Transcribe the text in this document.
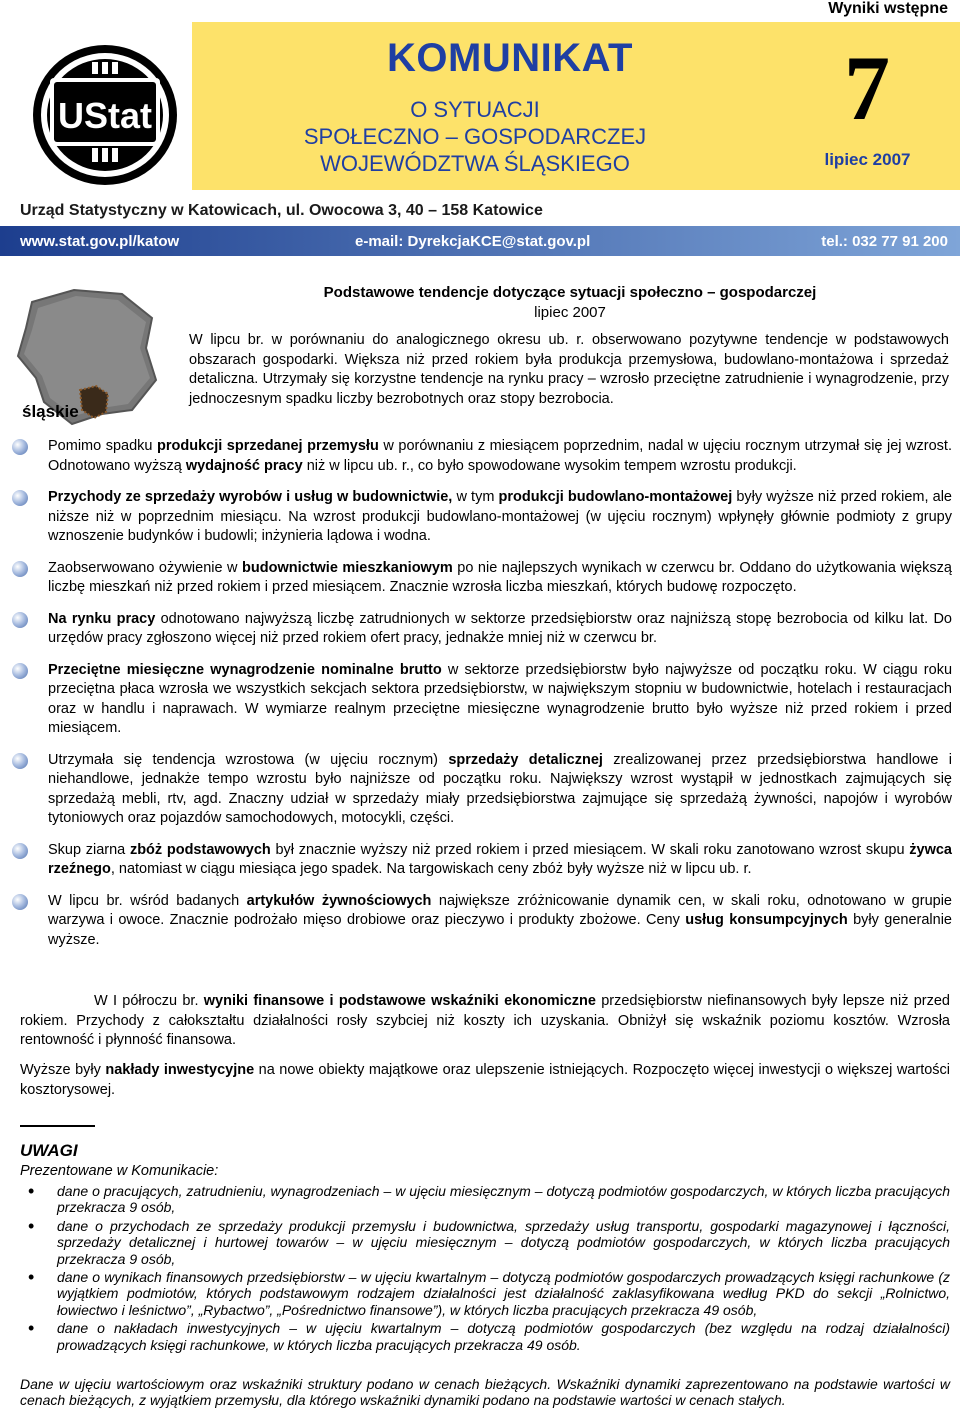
Wyniki wstępne
UStat
KOMUNIKAT
O SYTUACJI
SPOŁECZNO – GOSPODARCZEJ
WOJEWÓDZTWA ŚLĄSKIEGO
7
lipiec 2007
Urząd Statystyczny w Katowicach, ul. Owocowa 3, 40 – 158 Katowice
www.stat.gov.pl/katow	e-mail: DyrekcjaKCE@stat.gov.pl	tel.: 032 77 91 200
śląskie
Podstawowe tendencje dotyczące sytuacji społeczno – gospodarczej
lipiec 2007
W lipcu br. w porównaniu do analogicznego okresu ub. r. obserwowano pozytywne tendencje w podstawowych obszarach gospodarki. Większa niż przed rokiem była produkcja przemysłowa, budowlano-montażowa i sprzedaż detaliczna. Utrzymały się korzystne tendencje na rynku pracy – wzrosło przeciętne zatrudnienie i wynagrodzenie, przy jednoczesnym spadku liczby bezrobotnych oraz stopy bezrobocia.
Pomimo spadku produkcji sprzedanej przemysłu w porównaniu z miesiącem poprzednim, nadal w ujęciu rocznym utrzymał się jej wzrost. Odnotowano wyższą wydajność pracy niż w lipcu ub. r., co było spowodowane wysokim tempem wzrostu produkcji.
Przychody ze sprzedaży wyrobów i usług w budownictwie, w tym produkcji budowlano-montażowej były wyższe niż przed rokiem, ale niższe niż w poprzednim miesiącu. Na wzrost produkcji budowlano-montażowej (w ujęciu rocznym) wpłynęły głównie podmioty z grupy wznoszenie budynków i budowli; inżynieria lądowa i wodna.
Zaobserwowano ożywienie w budownictwie mieszkaniowym po nie najlepszych wynikach w czerwcu br. Oddano do użytkowania większą liczbę mieszkań niż przed rokiem i przed miesiącem. Znacznie wzrosła liczba mieszkań, których budowę rozpoczęto.
Na rynku pracy odnotowano najwyższą liczbę zatrudnionych w sektorze przedsiębiorstw oraz najniższą stopę bezrobocia od kilku lat. Do urzędów pracy zgłoszono więcej niż przed rokiem ofert pracy, jednakże mniej niż w czerwcu br.
Przeciętne miesięczne wynagrodzenie nominalne brutto w sektorze przedsiębiorstw było najwyższe od początku roku. W ciągu roku przeciętna płaca wzrosła we wszystkich sekcjach sektora przedsiębiorstw, w największym stopniu w budownictwie, hotelach i restauracjach oraz w handlu i naprawach. W wymiarze realnym przeciętne miesięczne wynagrodzenie brutto było wyższe niż przed rokiem i przed miesiącem.
Utrzymała się tendencja wzrostowa (w ujęciu rocznym) sprzedaży detalicznej zrealizowanej przez przedsiębiorstwa handlowe i niehandlowe, jednakże tempo wzrostu było najniższe od początku roku. Największy wzrost wystąpił w jednostkach zajmujących się sprzedażą mebli, rtv, agd. Znaczny udział w sprzedaży miały przedsiębiorstwa zajmujące się sprzedażą żywności, napojów i wyrobów tytoniowych oraz pojazdów samochodowych, motocykli, części.
Skup ziarna zbóż podstawowych był znacznie wyższy niż przed rokiem i przed miesiącem. W skali roku zanotowano wzrost skupu żywca rzeźnego, natomiast w ciągu miesiąca jego spadek. Na targowiskach ceny zbóż były wyższe niż w lipcu ub. r.
W lipcu br. wśród badanych artykułów żywnościowych największe zróżnicowanie dynamik cen, w skali roku, odnotowano w grupie warzywa i owoce. Znacznie podrożało mięso drobiowe oraz pieczywo i produkty zbożowe. Ceny usług konsumpcyjnych były generalnie wyższe.
W I półroczu br. wyniki finansowe i podstawowe wskaźniki ekonomiczne przedsiębiorstw niefinansowych były lepsze niż przed rokiem. Przychody z całokształtu działalności rosły szybciej niż koszty ich uzyskania. Obniżył się wskaźnik poziomu kosztów. Wzrosła rentowność i płynność finansowa.
Wyższe były nakłady inwestycyjne na nowe obiekty majątkowe oraz ulepszenie istniejących. Rozpoczęto więcej inwestycji o większej wartości kosztorysowej.
UWAGI
Prezentowane w Komunikacie:
• dane o pracujących, zatrudnieniu, wynagrodzeniach – w ujęciu miesięcznym – dotyczą podmiotów gospodarczych, w których liczba pracujących przekracza 9 osób,
• dane o przychodach ze sprzedaży produkcji przemysłu i budownictwa, sprzedaży usług transportu, gospodarki magazynowej i łączności, sprzedaży detalicznej i hurtowej towarów – w ujęciu miesięcznym – dotyczą podmiotów gospodarczych, w których liczba pracujących przekracza 9 osób,
• dane o wynikach finansowych przedsiębiorstw – w ujęciu kwartalnym – dotyczą podmiotów gospodarczych prowadzących księgi rachunkowe (z wyjątkiem podmiotów, których podstawowym rodzajem działalności jest działalność zaklasyfikowana według PKD do sekcji „Rolnictwo, łowiectwo i leśnictwo”, „Rybactwo”, „Pośrednictwo finansowe”), w których liczba pracujących przekracza 49 osób,
• dane o nakładach inwestycyjnych – w ujęciu kwartalnym – dotyczą podmiotów gospodarczych (bez względu na rodzaj działalności) prowadzących księgi rachunkowe, w których liczba pracujących przekracza 49 osób.
Dane w ujęciu wartościowym oraz wskaźniki struktury podano w cenach bieżących. Wskaźniki dynamiki zaprezentowano na podstawie wartości w cenach bieżących, z wyjątkiem przemysłu, dla którego wskaźniki dynamiki podano na podstawie wartości w cenach stałych.
